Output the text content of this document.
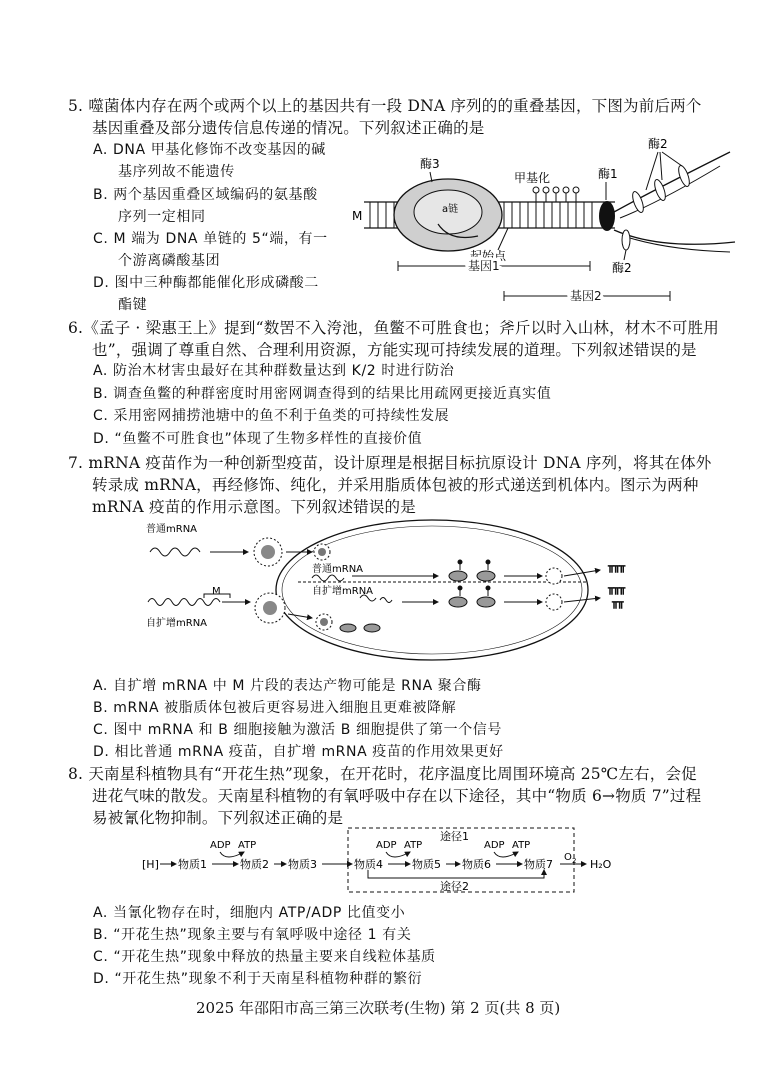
5. 噬菌体内存在两个或两个以上的基因共有一段 DNA 序列的的重叠基因，下图为前后两个
基因重叠及部分遗传信息传递的情况。下列叙述正确的是
A. DNA 甲基化修饰不改变基因的碱
基序列故不能遗传
B. 两个基因重叠区域编码的氨基酸
序列一定相同
C. M 端为 DNA 单链的 5“端，有一
个游离磷酸基团
D. 图中三种酶都能催化形成磷酸二
酯键
a链
酶3
甲基化
起始点
酶1
酶2
酶2
M
基因1
基因2
6.《孟子 · 梁惠王上》提到“数罟不入洿池，鱼鳖不可胜食也；斧斤以时入山林，材木不可胜用
也”，强调了尊重自然、合理利用资源，方能实现可持续发展的道理。下列叙述错误的是
A. 防治木材害虫最好在其种群数量达到 K/2 时进行防治
B. 调查鱼鳖的种群密度时用密网调查得到的结果比用疏网更接近真实值
C. 采用密网捕捞池塘中的鱼不利于鱼类的可持续性发展
D. “鱼鳖不可胜食也”体现了生物多样性的直接价值
7. mRNA 疫苗作为一种创新型疫苗，设计原理是根据目标抗原设计 DNA 序列，将其在体外
转录成 mRNA，再经修饰、纯化，并采用脂质体包被的形式递送到机体内。图示为两种
mRNA 疫苗的作用示意图。下列叙述错误的是
普通mRNA
M
自扩增mRNA
普通mRNA
自扩增mRNA
⫪⫪⫪
⫪⫪⫪
⫪⫪
A. 自扩增 mRNA 中 M 片段的表达产物可能是 RNA 聚合酶
B. mRNA 被脂质体包被后更容易进入细胞且更难被降解
C. 图中 mRNA 和 B 细胞接触为激活 B 细胞提供了第一个信号
D. 相比普通 mRNA 疫苗，自扩增 mRNA 疫苗的作用效果更好
8. 天南星科植物具有“开花生热”现象，在开花时，花序温度比周围环境高 25℃左右，会促
进花气味的散发。天南星科植物的有氧呼吸中存在以下途径，其中“物质 6→物质 7”过程
易被氰化物抑制。下列叙述正确的是
途径1
途径2
[H] 物质1	物质2 物质3	物质4	物质5 物质6	物质7
O 2 H₂O
ADP ATP	ADP ATP	ADP ATP
A. 当氰化物存在时，细胞内 ATP/ADP 比值变小
B. “开花生热”现象主要与有氧呼吸中途径 1 有关
C. “开花生热”现象中释放的热量主要来自线粒体基质
D. “开花生热”现象不利于天南星科植物种群的繁衍
2025 年邵阳市高三第三次联考(生物) 第 2 页(共 8 页)
